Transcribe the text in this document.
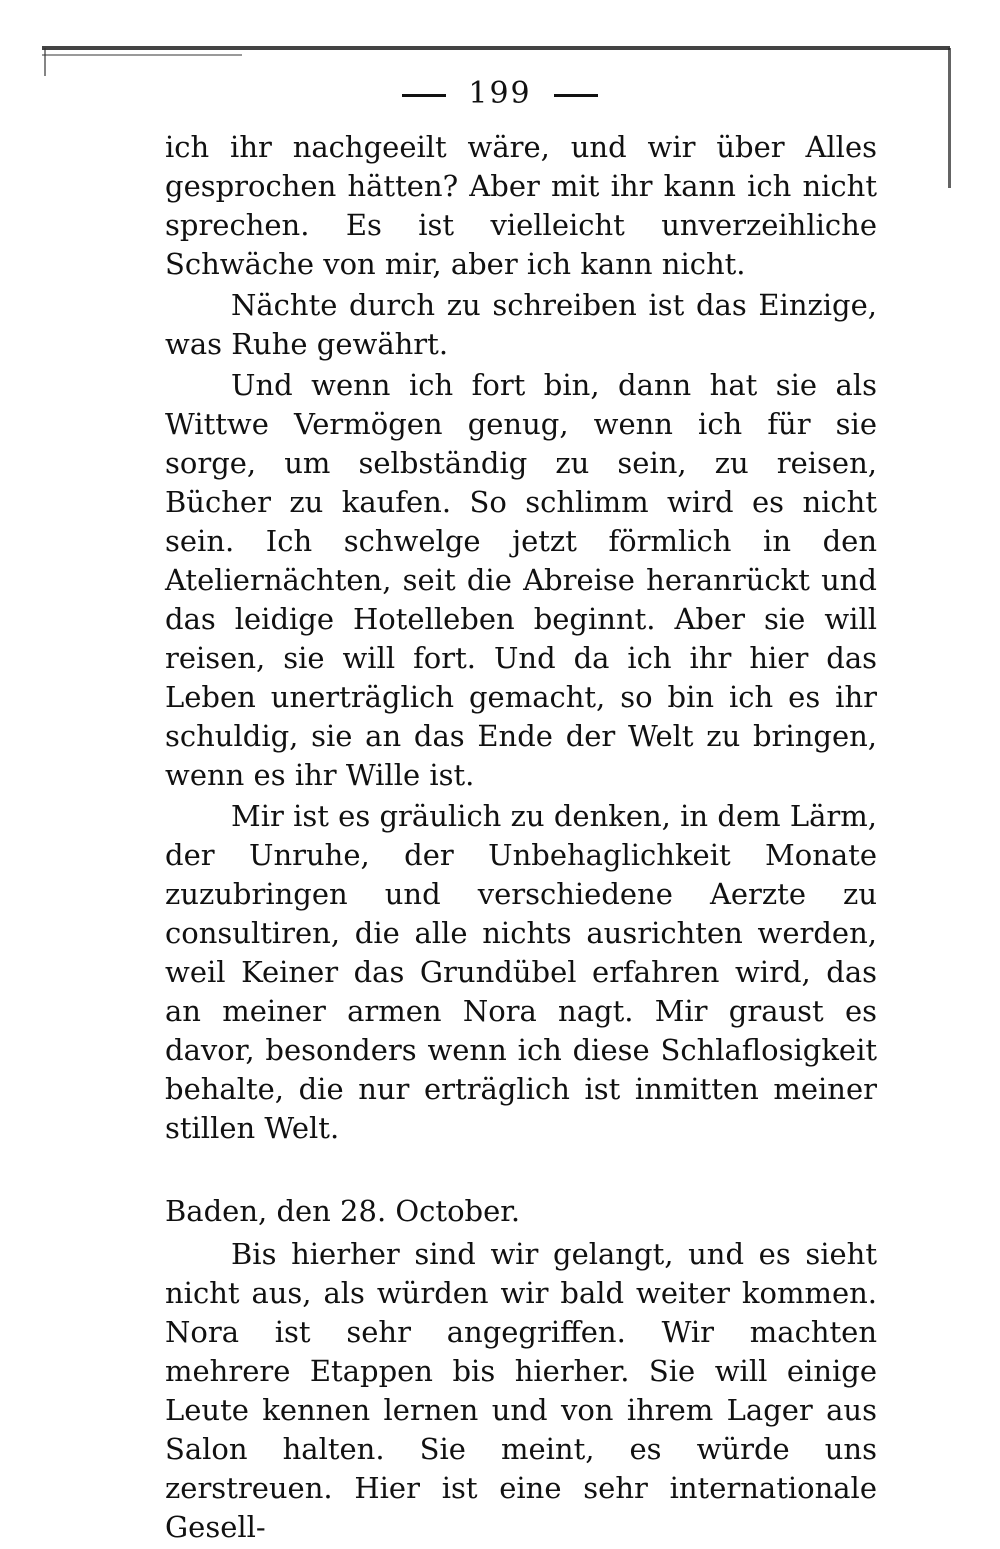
199

ich ihr nachgeeilt wäre, und wir über Alles gesprochen hätten? Aber mit ihr kann ich nicht sprechen. Es ist vielleicht unverzeihliche Schwäche von mir, aber ich kann nicht.

Nächte durch zu schreiben ist das Einzige, was Ruhe gewährt.

Und wenn ich fort bin, dann hat sie als Wittwe Vermögen genug, wenn ich für sie sorge, um selbständig zu sein, zu reisen, Bücher zu kaufen. So schlimm wird es nicht sein. Ich schwelge jetzt förmlich in den Ateliernächten, seit die Abreise heranrückt und das leidige Hotelleben beginnt. Aber sie will reisen, sie will fort. Und da ich ihr hier das Leben unerträglich gemacht, so bin ich es ihr schuldig, sie an das Ende der Welt zu bringen, wenn es ihr Wille ist.

Mir ist es gräulich zu denken, in dem Lärm, der Unruhe, der Unbehaglichkeit Monate zuzubringen und verschiedene Aerzte zu consultiren, die alle nichts ausrichten werden, weil Keiner das Grundübel erfahren wird, das an meiner armen Nora nagt. Mir graust es davor, besonders wenn ich diese Schlaflosigkeit behalte, die nur erträglich ist inmitten meiner stillen Welt.

Baden, den 28. October.

Bis hierher sind wir gelangt, und es sieht nicht aus, als würden wir bald weiter kommen. Nora ist sehr angegriffen. Wir machten mehrere Etappen bis hierher. Sie will einige Leute kennen lernen und von ihrem Lager aus Salon halten. Sie meint, es würde uns zerstreuen. Hier ist eine sehr internationale Gesell-
